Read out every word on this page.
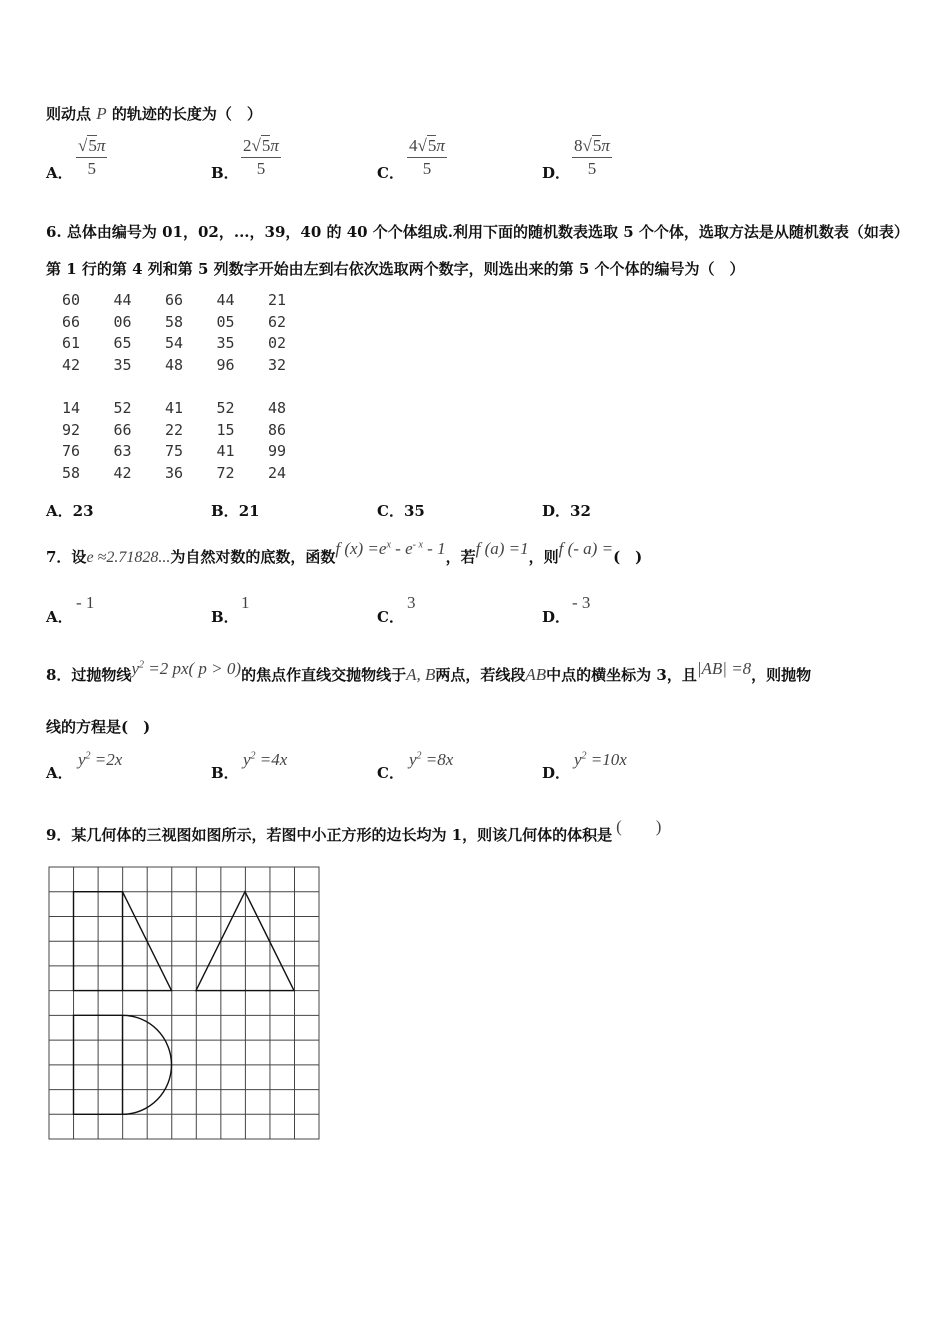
则动点 P 的轨迹的长度为（　）
A．
√5π
5	B．
2√5π
5	C．
4√5π
5	D．
8√5π
5
6. 总体由编号为 01，02，...，39，40 的 40 个个体组成.利用下面的随机数表选取 5 个个体，选取方法是从随机数表（如表）
第 1 行的第 4 列和第 5 列数字开始由左到右依次选取两个数字，则选出来的第 5 个个体的编号为（　）
60 44 66 44 21
66 06 58 05 62
61 65 54 35 02
42 35 48 96 32
14 52 41 52 48
92 66 22 15 86
76 63 75 41 99
58 42 36 72 24
A．23	B．21	C．35	D．32
7．设e ≈2.71828...为自然对数的底数，函数f $(x) =e^x - e^{- x} - 1$，若f (a) =1，则f (- a) =(　)
A．
- 1
B．
1
C．
3
D．
- 3
8．过抛物线$y^2 =2$ px( p > 0)的焦点作直线交抛物线于A, B两点，若线段AB中点的横坐标为 3，且|AB| =8，则抛物
线的方程是(　)
A．
$y^2 =2x$
B．
$y^2 =4x$
C．
$y^2 =8x$
D．
$y^2 =10x$
9．某几何体的三视图如图所示，若图中小正方形的边长均为 1，则该几何体的体积是 (　　)
